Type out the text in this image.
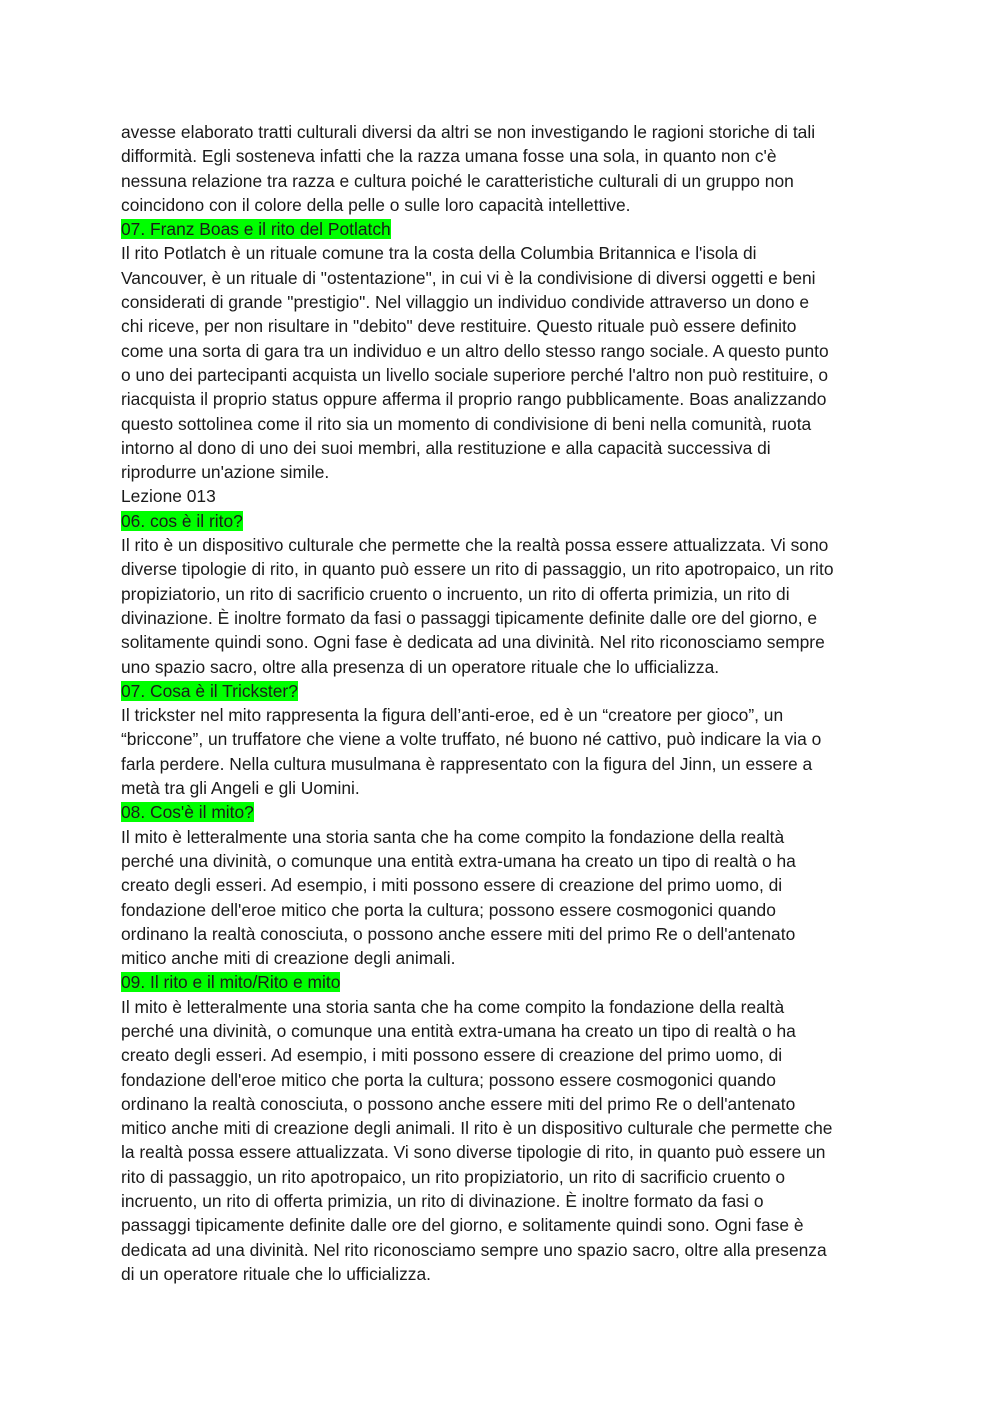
avesse elaborato tratti culturali diversi da altri se non investigando le ragioni storiche di tali
difformità. Egli sosteneva infatti che la razza umana fosse una sola, in quanto non c'è
nessuna relazione tra razza e cultura poiché le caratteristiche culturali di un gruppo non
coincidono con il colore della pelle o sulle loro capacità intellettive.

07. Franz Boas e il rito del Potlatch

Il rito Potlatch è un rituale comune tra la costa della Columbia Britannica e l'isola di
Vancouver, è un rituale di "ostentazione", in cui vi è la condivisione di diversi oggetti e beni
considerati di grande "prestigio". Nel villaggio un individuo condivide attraverso un dono e
chi riceve, per non risultare in "debito" deve restituire. Questo rituale può essere definito
come una sorta di gara tra un individuo e un altro dello stesso rango sociale. A questo punto
o uno dei partecipanti acquista un livello sociale superiore perché l'altro non può restituire, o
riacquista il proprio status oppure afferma il proprio rango pubblicamente. Boas analizzando
questo sottolinea come il rito sia un momento di condivisione di beni nella comunità, ruota
intorno al dono di uno dei suoi membri, alla restituzione e alla capacità successiva di
riprodurre un'azione simile.

Lezione 013

06. cos è il rito?

Il rito è un dispositivo culturale che permette che la realtà possa essere attualizzata. Vi sono
diverse tipologie di rito, in quanto può essere un rito di passaggio, un rito apotropaico, un rito
propiziatorio, un rito di sacrificio cruento o incruento, un rito di offerta primizia, un rito di
divinazione. È inoltre formato da fasi o passaggi tipicamente definite dalle ore del giorno, e
solitamente quindi sono. Ogni fase è dedicata ad una divinità. Nel rito riconosciamo sempre
uno spazio sacro, oltre alla presenza di un operatore rituale che lo ufficializza.

07. Cosa è il Trickster?

Il trickster nel mito rappresenta la figura dell’anti-eroe, ed è un “creatore per gioco”, un
“briccone”, un truffatore che viene a volte truffato, né buono né cattivo, può indicare la via o
farla perdere. Nella cultura musulmana è rappresentato con la figura del Jinn, un essere a
metà tra gli Angeli e gli Uomini.

08. Cos'è il mito?

Il mito è letteralmente una storia santa che ha come compito la fondazione della realtà
perché una divinità, o comunque una entità extra-umana ha creato un tipo di realtà o ha
creato degli esseri. Ad esempio, i miti possono essere di creazione del primo uomo, di
fondazione dell'eroe mitico che porta la cultura; possono essere cosmogonici quando
ordinano la realtà conosciuta, o possono anche essere miti del primo Re o dell'antenato
mitico anche miti di creazione degli animali.

09. Il rito e il mito/Rito e mito

Il mito è letteralmente una storia santa che ha come compito la fondazione della realtà
perché una divinità, o comunque una entità extra-umana ha creato un tipo di realtà o ha
creato degli esseri. Ad esempio, i miti possono essere di creazione del primo uomo, di
fondazione dell'eroe mitico che porta la cultura; possono essere cosmogonici quando
ordinano la realtà conosciuta, o possono anche essere miti del primo Re o dell'antenato
mitico anche miti di creazione degli animali. Il rito è un dispositivo culturale che permette che
la realtà possa essere attualizzata. Vi sono diverse tipologie di rito, in quanto può essere un
rito di passaggio, un rito apotropaico, un rito propiziatorio, un rito di sacrificio cruento o
incruento, un rito di offerta primizia, un rito di divinazione. È inoltre formato da fasi o
passaggi tipicamente definite dalle ore del giorno, e solitamente quindi sono. Ogni fase è
dedicata ad una divinità. Nel rito riconosciamo sempre uno spazio sacro, oltre alla presenza
di un operatore rituale che lo ufficializza.
